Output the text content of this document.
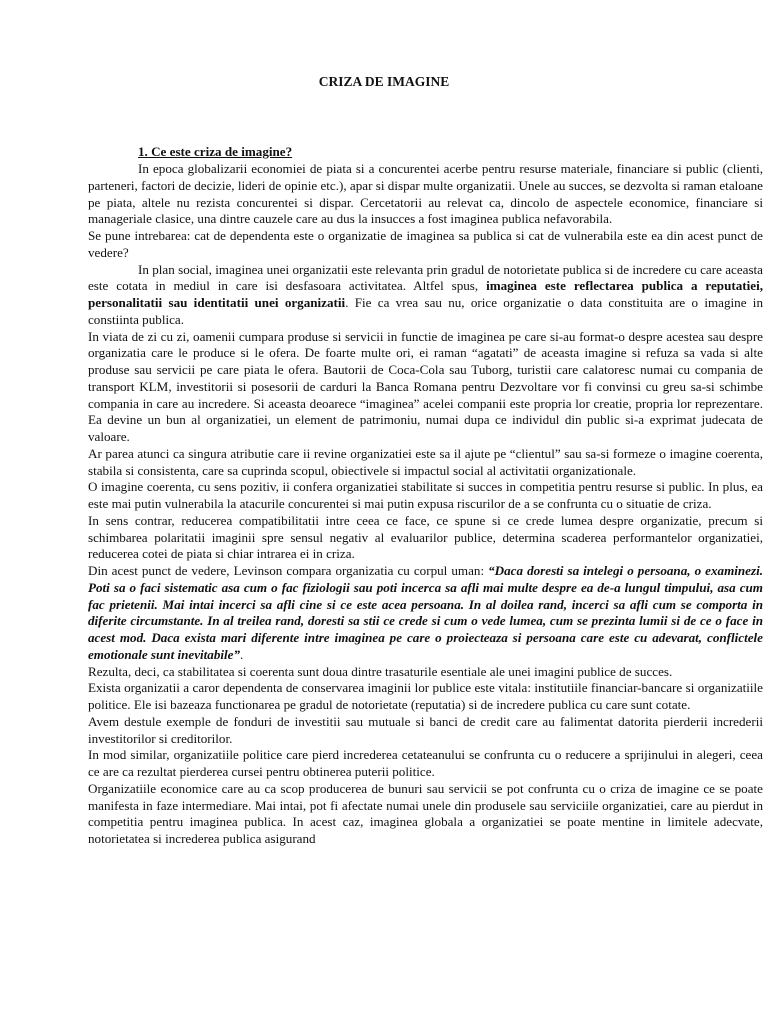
CRIZA DE IMAGINE
1. Ce este criza de imagine?

In epoca globalizarii economiei de piata si a concurentei acerbe pentru resurse materiale, financiare si public (clienti, parteneri, factori de decizie, lideri de opinie etc.), apar si dispar multe organizatii. Unele au succes, se dezvolta si raman etaloane pe piata, altele nu rezista concurentei si dispar. Cercetatorii au relevat ca, dincolo de aspectele economice, financiare si manageriale clasice, una dintre cauzele care au dus la insucces a fost imaginea publica nefavorabila.

Se pune intrebarea: cat de dependenta este o organizatie de imaginea sa publica si cat de vulnerabila este ea din acest punct de vedere?

In plan social, imaginea unei organizatii este relevanta prin gradul de notorietate publica si de incredere cu care aceasta este cotata in mediul in care isi desfasoara activitatea. Altfel spus, imaginea este reflectarea publica a reputatiei, personalitatii sau identitatii unei organizatii. Fie ca vrea sau nu, orice organizatie o data constituita are o imagine in constiinta publica.

In viata de zi cu zi, oamenii cumpara produse si servicii in functie de imaginea pe care si-au format-o despre acestea sau despre organizatia care le produce si le ofera. De foarte multe ori, ei raman “agatati” de aceasta imagine si refuza sa vada si alte produse sau servicii pe care piata le ofera. Bautorii de Coca-Cola sau Tuborg, turistii care calatoresc numai cu compania de transport KLM, investitorii si posesorii de carduri la Banca Romana pentru Dezvoltare vor fi convinsi cu greu sa-si schimbe compania in care au incredere. Si aceasta deoarece “imaginea” acelei companii este propria lor creatie, propria lor reprezentare. Ea devine un bun al organizatiei, un element de patrimoniu, numai dupa ce individul din public si-a exprimat judecata de valoare.

Ar parea atunci ca singura atributie care ii revine organizatiei este sa il ajute pe “clientul” sau sa-si formeze o imagine coerenta, stabila si consistenta, care sa cuprinda scopul, obiectivele si impactul social al activitatii organizationale.

O imagine coerenta, cu sens pozitiv, ii confera organizatiei stabilitate si succes in competitia pentru resurse si public. In plus, ea este mai putin vulnerabila la atacurile concurentei si mai putin expusa riscurilor de a se confrunta cu o situatie de criza.

In sens contrar, reducerea compatibilitatii intre ceea ce face, ce spune si ce crede lumea despre organizatie, precum si schimbarea polaritatii imaginii spre sensul negativ al evaluarilor publice, determina scaderea performantelor organizatiei, reducerea cotei de piata si chiar intrarea ei in criza.

Din acest punct de vedere, Levinson compara organizatia cu corpul uman: “Daca doresti sa intelegi o persoana, o examinezi. Poti sa o faci sistematic asa cum o fac fiziologii sau poti incerca sa afli mai multe despre ea de-a lungul timpului, asa cum fac prietenii. Mai intai incerci sa afli cine si ce este acea persoana. In al doilea rand, incerci sa afli cum se comporta in diferite circumstante. In al treilea rand, doresti sa stii ce crede si cum o vede lumea, cum se prezinta lumii si de ce o face in acest mod. Daca exista mari diferente intre imaginea pe care o proiecteaza si persoana care este cu adevarat, conflictele emotionale sunt inevitabile”.

Rezulta, deci, ca stabilitatea si coerenta sunt doua dintre trasaturile esentiale ale unei imagini publice de succes.

Exista organizatii a caror dependenta de conservarea imaginii lor publice este vitala: institutiile financiar-bancare si organizatiile politice. Ele isi bazeaza functionarea pe gradul de notorietate (reputatia) si de incredere publica cu care sunt cotate.

Avem destule exemple de fonduri de investitii sau mutuale si banci de credit care au falimentat datorita pierderii increderii investitorilor si creditorilor.

In mod similar, organizatiile politice care pierd increderea cetateanului se confrunta cu o reducere a sprijinului in alegeri, ceea ce are ca rezultat pierderea cursei pentru obtinerea puterii politice.

Organizatiile economice care au ca scop producerea de bunuri sau servicii se pot confrunta cu o criza de imagine ce se poate manifesta in faze intermediare. Mai intai, pot fi afectate numai unele din produsele sau serviciile organizatiei, care au pierdut in competitia pentru imaginea publica. In acest caz, imaginea globala a organizatiei se poate mentine in limitele adecvate, notorietatea si increderea publica asigurand
